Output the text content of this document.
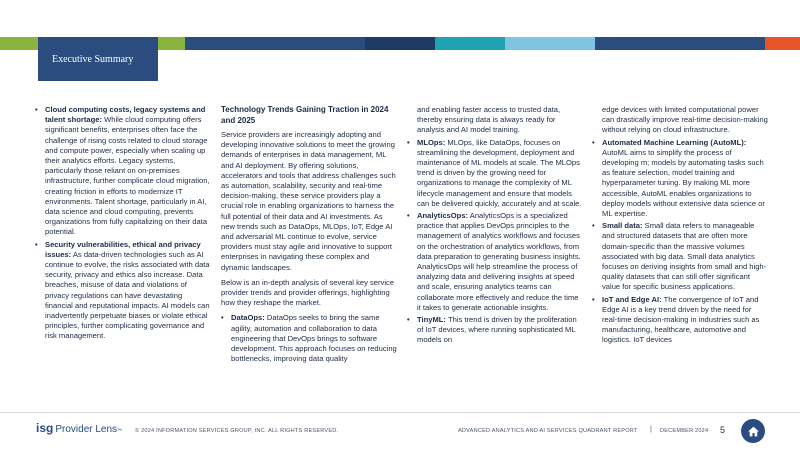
Executive Summary
• Cloud computing costs, legacy systems and talent shortage: While cloud computing offers significant benefits, enterprises often face the challenge of rising costs related to cloud storage and compute power, especially when scaling up their analytics efforts. Legacy systems, particularly those reliant on on-premises infrastructure, further complicate cloud migration, creating friction in efforts to modernize IT environments. Talent shortage, particularly in AI, data science and cloud computing, prevents organizations from fully capitalizing on their data potential.
• Security vulnerabilities, ethical and privacy issues: As data-driven technologies such as AI continue to evolve, the risks associated with data security, privacy and ethics also increase. Data breaches, misuse of data and violations of privacy regulations can have devastating financial and reputational impacts. AI models can inadvertently perpetuate biases or violate ethical principles, further complicating governance and risk management.
Technology Trends Gaining Traction in 2024 and 2025
Service providers are increasingly adopting and developing innovative solutions to meet the growing demands of enterprises in data management, ML and AI deployment. By offering solutions, accelerators and tools that address challenges such as automation, scalability, security and real-time decision-making, these service providers play a crucial role in enabling organizations to harness the full potential of their data and AI investments. As new trends such as DataOps, MLOps, IoT, Edge AI and adversarial ML continue to evolve, service providers must stay agile and innovative to support enterprises in navigating these complex and dynamic landscapes.
Below is an in-depth analysis of several key service provider trends and provider offerings, highlighting how they reshape the market.
• DataOps: DataOps seeks to bring the same agility, automation and collaboration to data engineering that DevOps brings to software development. This approach focuses on reducing bottlenecks, improving data quality
and enabling faster access to trusted data, thereby ensuring data is always ready for analysis and AI model training.
• MLOps: MLOps, like DataOps, focuses on streamlining the development, deployment and maintenance of ML models at scale. The MLOps trend is driven by the growing need for organizations to manage the complexity of ML lifecycle management and ensure that models can be delivered quickly, accurately and at scale.
• AnalyticsOps: AnalyticsOps is a specialized practice that applies DevOps principles to the management of analytics workflows and focuses on the orchestration of analytics workflows, from data preparation to generating business insights. AnalyticsOps will help streamline the process of analyzing data and delivering insights at speed and scale, ensuring analytics teams can collaborate more effectively and reduce the time it takes to generate actionable insights.
• TinyML: This trend is driven by the proliferation of IoT devices, where running sophisticated ML models on
edge devices with limited computational power can drastically improve real-time decision-making without relying on cloud infrastructure.
• Automated Machine Learning (AutoML): AutoML aims to simplify the process of developing m; models by automating tasks such as feature selection, model training and hyperparameter tuning. By making ML more accessible, AutoML enables organizations to deploy models without extensive data science or ML expertise.
• Small data: Small data refers to manageable and structured datasets that are often more domain-specific than the massive volumes associated with big data. Small data analytics focuses on deriving insights from small and high-quality datasets that can still offer significant value for specific business applications.
• IoT and Edge AI: The convergence of IoT and Edge AI is a key trend driven by the need for real-time decision-making in industries such as manufacturing, healthcare, automotive and logistics. IoT devices
isg Provider Lens ™ © 2024 INFORMATION SERVICES GROUP, INC. ALL RIGHTS RESERVED.	ADVANCED ANALYTICS AND AI SERVICES QUADRANT REPORT | DECEMBER 2024 5
